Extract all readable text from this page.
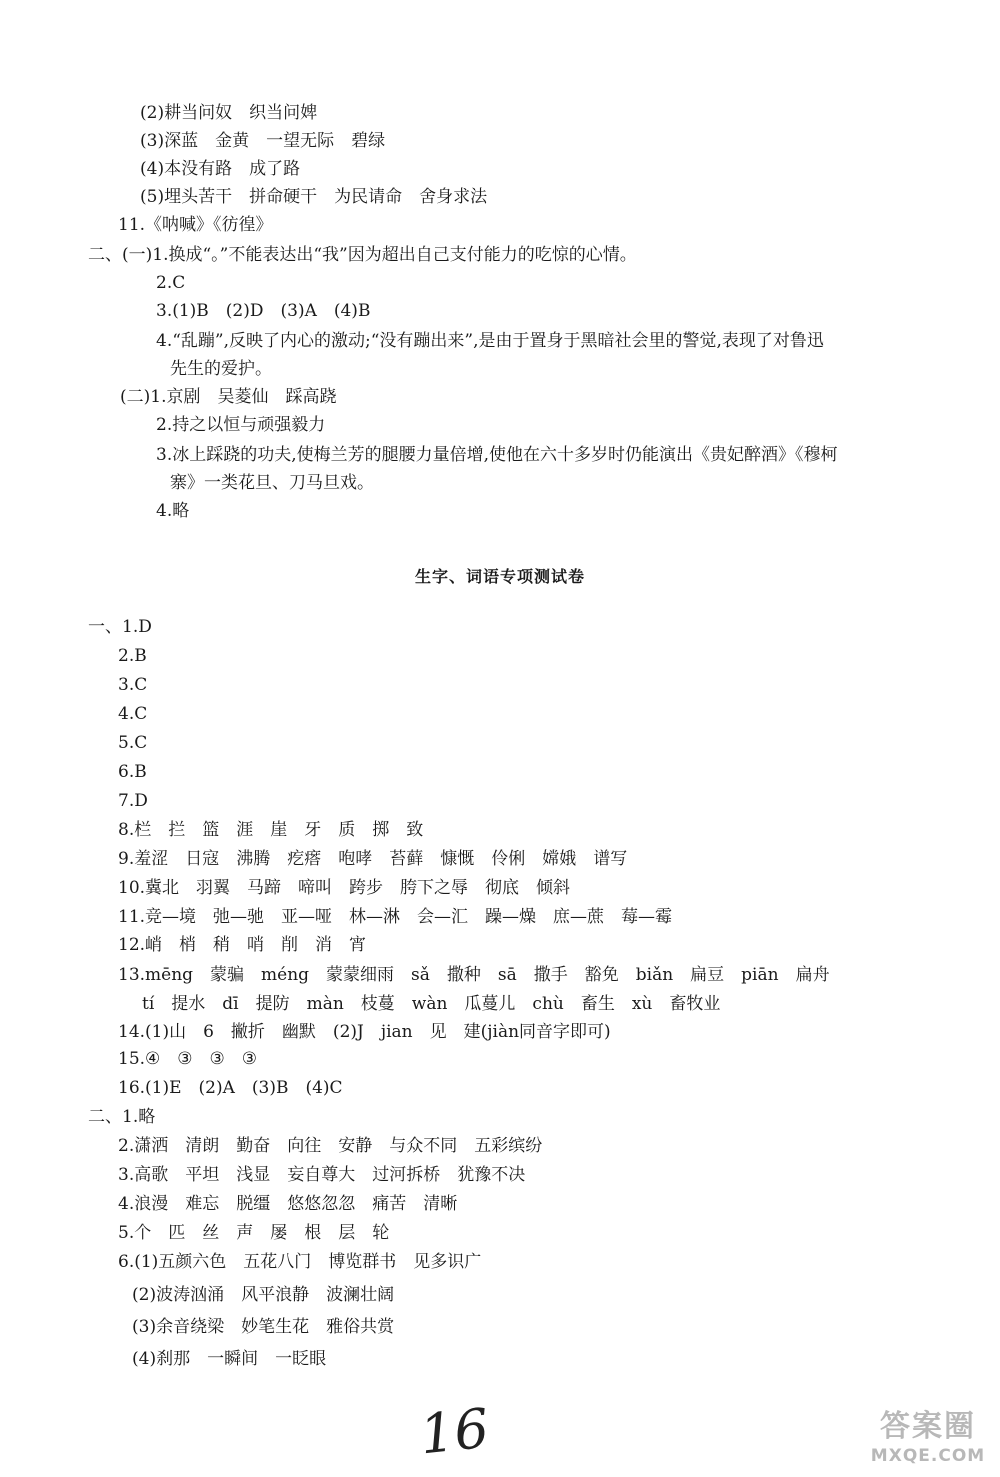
(2)耕当问奴　织当问婢
(3)深蓝　金黄　一望无际　碧绿
(4)本没有路　成了路
(5)埋头苦干　拼命硬干　为民请命　舍身求法
11.《呐喊》《彷徨》
二、(一)1.换成“。”不能表达出“我”因为超出自己支付能力的吃惊的心情。
2.C
3.(1)B　(2)D　(3)A　(4)B
4.“乱蹦”,反映了内心的激动;“没有蹦出来”,是由于置身于黑暗社会里的警觉,表现了对鲁迅
先生的爱护。
(二)1.京剧　吴菱仙　踩高跷
2.持之以恒与顽强毅力
3.冰上踩跷的功夫,使梅兰芳的腿腰力量倍增,使他在六十多岁时仍能演出《贵妃醉酒》《穆柯
寨》一类花旦、刀马旦戏。
4.略
生字、词语专项测试卷
一、1.D
2.B
3.C
4.C
5.C
6.B
7.D
8.栏　拦　篮　涯　崖　牙　质　掷　致
9.羞涩　日寇　沸腾　疙瘩　咆哮　苔藓　慷慨　伶俐　嫦娥　谱写
10.冀北　羽翼　马蹄　啼叫　跨步　胯下之辱　彻底　倾斜
11.竞—境　弛—驰　亚—哑　林—淋　会—汇　躁—燥　庶—蔗　莓—霉
12.峭　梢　稍　哨　削　消　宵
13.mēng　蒙骗　méng　蒙蒙细雨　sǎ　撒种　sā　撒手　豁免　biǎn　扁豆　piān　扁舟
tí　提水　dī　提防　màn　枝蔓　wàn　瓜蔓儿　chù　畜生　xù　畜牧业
14.(1)山　6　撇折　幽默　(2)J　jian　见　建(jiàn同音字即可)
15.④　③　③　③
16.(1)E　(2)A　(3)B　(4)C
二、1.略
2.潇洒　清朗　勤奋　向往　安静　与众不同　五彩缤纷
3.高歌　平坦　浅显　妄自尊大　过河拆桥　犹豫不决
4.浪漫　难忘　脱缰　悠悠忽忽　痛苦　清晰
5.个　匹　丝　声　屡　根　层　轮
6.(1)五颜六色　五花八门　博览群书　见多识广
(2)波涛汹涌　风平浪静　波澜壮阔
(3)余音绕梁　妙笔生花　雅俗共赏
(4)刹那　一瞬间　一眨眼
16	答案圈
MXQE.COM
